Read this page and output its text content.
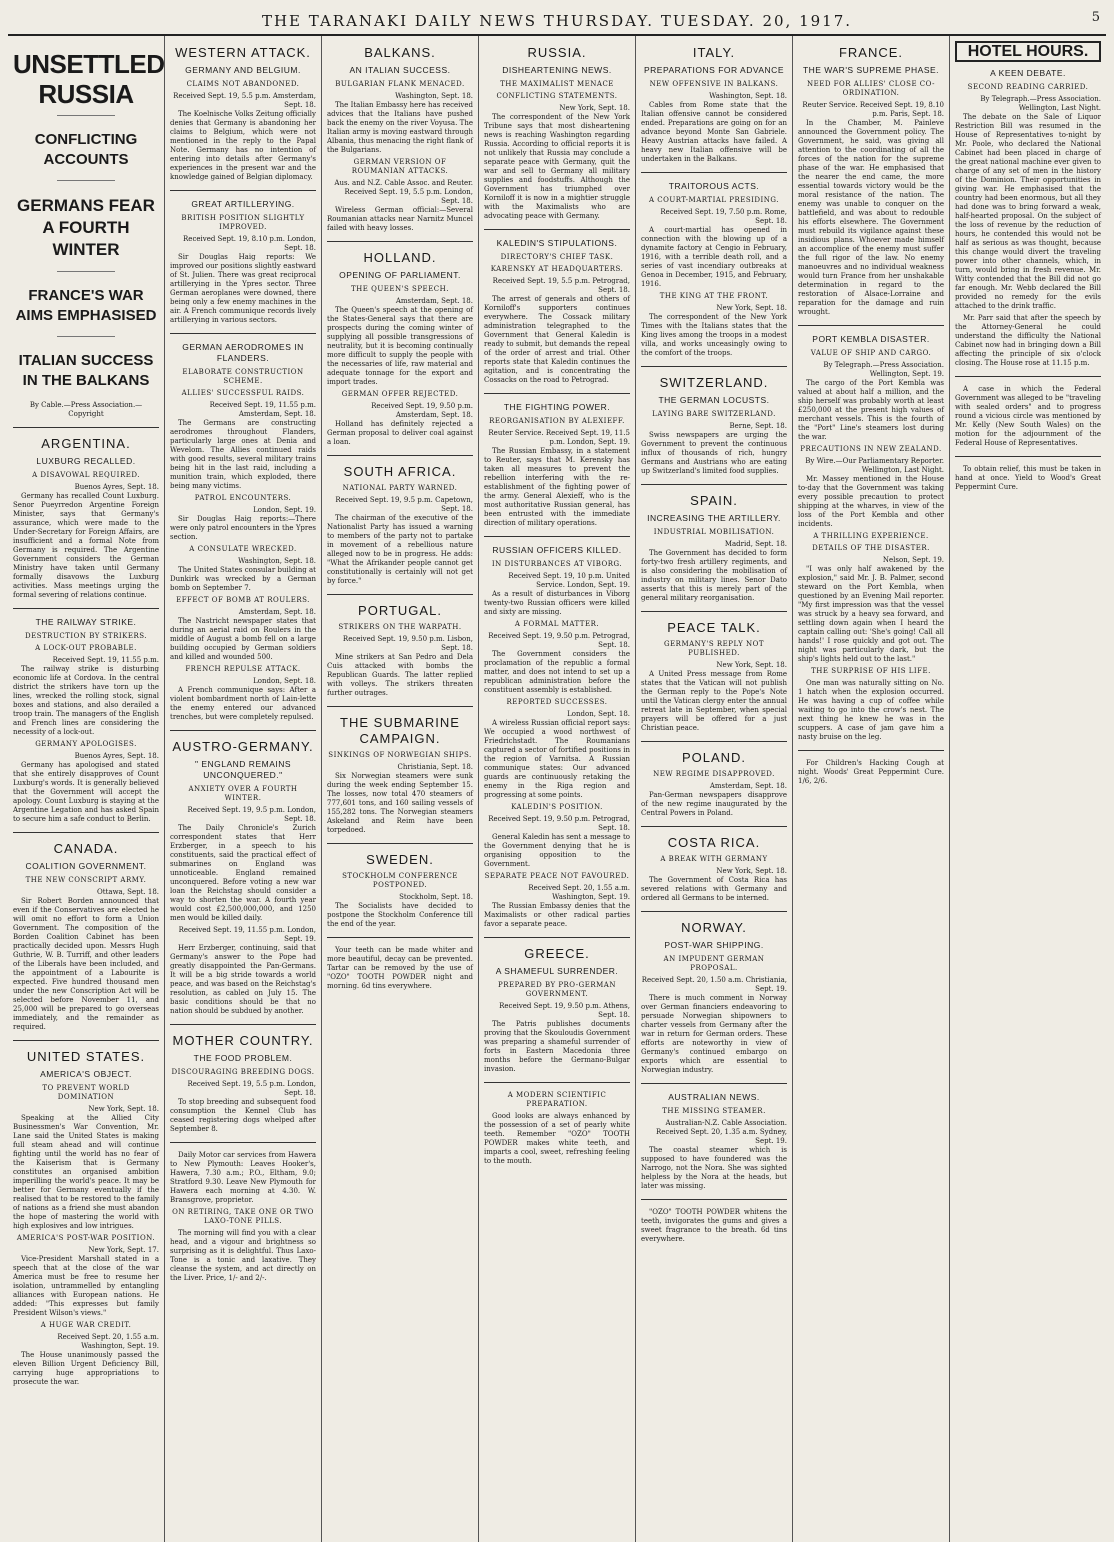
THE TARANAKI DAILY NEWS THURSDAY. TUESDAY. 20, 1917.	5
UNSETTLED RUSSIA
CONFLICTING ACCOUNTS
GERMANS FEAR A FOURTH WINTER
FRANCE'S WAR AIMS EMPHASISED
ITALIAN SUCCESS IN THE BALKANS
By Cable.—Press Association.—Copyright
ARGENTINA.
LUXBURG RECALLED.
A DISAVOWAL REQUIRED.
Buenos Ayres, Sept. 18.

Germany has recalled Count Luxburg. Senor Pueyrredon Argentine Foreign Minister, says that Germany's assurance, which were made to the Under-Secretary for Foreign Affairs, are insufficient and a formal Note from Germany is required. The Argentine Government considers the German Ministry have taken until Germany formally disavows the Luxburg activities. Mass meetings urging the formal severing of relations continue.

THE RAILWAY STRIKE.
DESTRUCTION BY STRIKERS.
A LOCK-OUT PROBABLE.
Received Sept. 19, 11.55 p.m.

The railway strike is disturbing economic life at Cordova. In the central district the strikers have torn up the lines, wrecked the rolling stock, signal boxes and stations, and also derailed a troop train. The managers of the English and French lines are considering the necessity of a lock-out.

GERMANY APOLOGISES.
Buenos Ayres, Sept. 18.

Germany has apologised and stated that she entirely disapproves of Count Luxburg's words. It is generally believed that the Government will accept the apology. Count Luxburg is staying at the Argentine Legation and has asked Spain to secure him a safe conduct to Berlin.

CANADA.
COALITION GOVERNMENT.
THE NEW CONSCRIPT ARMY.
Ottawa, Sept. 18.

Sir Robert Borden announced that even if the Conservatives are elected he will omit no effort to form a Union Government. The composition of the Borden Coalition Cabinet has been practically decided upon. Messrs Hugh Guthrie, W. B. Turriff, and other leaders of the Liberals have been included, and the appointment of a Labourite is expected. Five hundred thousand men under the new Conscription Act will be selected before November 11, and 25,000 will be prepared to go overseas immediately, and the remainder as required.

UNITED STATES.
AMERICA'S OBJECT.
TO PREVENT WORLD DOMINATION
New York, Sept. 18.

Speaking at the Allied City Businessmen's War Convention, Mr. Lane said the United States is making full steam ahead and will continue fighting until the world has no fear of the Kaiserism that is Germany constitutes an organised ambition imperilling the world's peace. It may be better for Germany eventually if the realised that to be restored to the family of nations as a friend she must abandon the hope of mastering the world with high explosives and low intrigues.

AMERICA'S POST-WAR POSITION.
New York, Sept. 17.

Vice-President Marshall stated in a speech that at the close of the war America must be free to resume her isolation, untrammelled by entangling alliances with European nations. He added: "This expresses but family President Wilson's views."

A HUGE WAR CREDIT.
Received Sept. 20, 1.55 a.m. Washington, Sept. 19.

The House unanimously passed the eleven Billion Urgent Deficiency Bill, carrying huge appropriations to prosecute the war.

WESTERN ATTACK.
GERMANY AND BELGIUM.
CLAIMS NOT ABANDONED.
Received Sept. 19, 5.5 p.m. Amsterdam, Sept. 18.

The Koelnische Volks Zeitung officially denies that Germany is abandoning her claims to Belgium, which were not mentioned in the reply to the Papal Note. Germany has no intention of entering into details after Germany's experiences in the present war and the knowledge gained of Belgian diplomacy.

GREAT ARTILLERYING.
BRITISH POSITION SLIGHTLY IMPROVED.
Received Sept. 19, 8.10 p.m. London, Sept. 18.

Sir Douglas Haig reports: We improved our positions slightly eastward of St. Julien. There was great reciprocal artillerying in the Ypres sector. Three German aeroplanes were downed, there being only a few enemy machines in the air. A French communique records lively artillerying in various sectors.

GERMAN AERODROMES IN FLANDERS.
ELABORATE CONSTRUCTION SCHEME.
ALLIES' SUCCESSFUL RAIDS.
Received Sept. 19, 11.55 p.m. Amsterdam, Sept. 18.

The Germans are constructing aerodromes throughout Flanders, particularly large ones at Denia and Wevelom. The Allies continued raids with good results, several military trains being hit in the last raid, including a munition train, which exploded, there being many victims.

PATROL ENCOUNTERS.
London, Sept. 19.

Sir Douglas Haig reports:—There were only patrol encounters in the Ypres section.

A CONSULATE WRECKED.
Washington, Sept. 18.

The United States consular building at Dunkirk was wrecked by a German bomb on September 7.

EFFECT OF BOMB AT ROULERS.
Amsterdam, Sept. 18.

The Nastricht newspaper states that during an aerial raid on Roulers in the middle of August a bomb fell on a large building occupied by German soldiers and killed and wounded 500.

FRENCH REPULSE ATTACK.
London, Sept. 18.

A French communique says: After a violent bombardment north of Lain-lette the enemy entered our advanced trenches, but were completely repulsed.

AUSTRO-GERMANY.
" ENGLAND REMAINS UNCONQUERED."
ANXIETY OVER A FOURTH WINTER.
Received Sept. 19, 9.5 p.m. London, Sept. 18.

The Daily Chronicle's Zurich correspondent states that Herr Erzberger, in a speech to his constituents, said the practical effect of submarines on England was unnoticeable. England remained unconquered. Before voting a new war loan the Reichstag should consider a way to shorten the war. A fourth year would cost £2,500,000,000, and 1250 men would be killed daily.

Received Sept. 19, 11.55 p.m. London, Sept. 19.

Herr Erzberger, continuing, said that Germany's answer to the Pope had greatly disappointed the Pan-Germans. It will be a big stride towards a world peace, and was based on the Reichstag's resolution, as cabled on July 15. The basic conditions should be that no nation should be subdued by another.

MOTHER COUNTRY.
THE FOOD PROBLEM.
DISCOURAGING BREEDING DOGS.
Received Sept. 19, 5.5 p.m. London, Sept. 18.

To stop breeding and subsequent food consumption the Kennel Club has ceased registering dogs whelped after September 8.

Daily Motor car services from Hawera to New Plymouth: Leaves Hooker's, Hawera, 7.30 a.m.; P.O., Eltham, 9.0; Stratford 9.30. Leave New Plymouth for Hawera each morning at 4.30. W. Bransgrove, proprietor.

ON RETIRING, TAKE ONE OR TWO LAXO-TONE PILLS.

The morning will find you with a clear head, and a vigour and brightness so surprising as it is delightful. Thus Laxo-Tone is a tonic and laxative. They cleanse the system, and act directly on the Liver. Price, 1/- and 2/-.

BALKANS.
AN ITALIAN SUCCESS.
BULGARIAN FLANK MENACED.
Washington, Sept. 18.

The Italian Embassy here has received advices that the Italians have pushed back the enemy on the river Voyusa. The Italian army is moving eastward through Albania, thus menacing the right flank of the Bulgarians.

GERMAN VERSION OF ROUMANIAN ATTACKS.
Aus. and N.Z. Cable Assoc. and Reuter. Received Sept. 19, 5.5 p.m. London, Sept. 18.

Wireless German official:—Several Roumanian attacks near Narnitz Muncel failed with heavy losses.

HOLLAND.
OPENING OF PARLIAMENT.
THE QUEEN'S SPEECH.
Amsterdam, Sept. 18.

The Queen's speech at the opening of the States-General says that there are prospects during the coming winter of supplying all possible transgressions of neutrality, but it is becoming continually more difficult to supply the people with the necessaries of life, raw material and adequate tonnage for the export and import trades.

GERMAN OFFER REJECTED.
Received Sept. 19, 9.50 p.m. Amsterdam, Sept. 18.

Holland has definitely rejected a German proposal to deliver coal against a loan.

SOUTH AFRICA.
NATIONAL PARTY WARNED.
Received Sept. 19, 9.5 p.m. Capetown, Sept. 18.

The chairman of the executive of the Nationalist Party has issued a warning to members of the party not to partake in movement of a rebellious nature alleged now to be in progress. He adds: "What the Afrikander people cannot get constitutionally is certainly will not get by force."

PORTUGAL.
STRIKERS ON THE WARPATH.
Received Sept. 19, 9.50 p.m. Lisbon, Sept. 18.

Mine strikers at San Pedro and Dela Cuis attacked with bombs the Republican Guards. The latter replied with volleys. The strikers threaten further outrages.

THE SUBMARINE CAMPAIGN.
SINKINGS OF NORWEGIAN SHIPS.
Christiania, Sept. 18.

Six Norwegian steamers were sunk during the week ending September 15. The losses, now total 470 steamers of 777,601 tons, and 160 sailing vessels of 155,282 tons. The Norwegian steamers Askeland and Reim have been torpedoed.

SWEDEN.
STOCKHOLM CONFERENCE POSTPONED.
Stockholm, Sept. 18.

The Socialists have decided to postpone the Stockholm Conference till the end of the year.

Your teeth can be made whiter and more beautiful, decay can be prevented. Tartar can be removed by the use of "OZO" TOOTH POWDER night and morning. 6d tins everywhere.

RUSSIA.
DISHEARTENING NEWS.
THE MAXIMALIST MENACE
CONFLICTING STATEMENTS.
New York, Sept. 18.

The correspondent of the New York Tribune says that most disheartening news is reaching Washington regarding Russia. According to official reports it is not unlikely that Russia may conclude a separate peace with Germany, quit the war and sell to Germany all military supplies and foodstuffs. Although the Government has triumphed over Korniloff it is now in a mightier struggle with the Maximalists who are advocating peace with Germany.

KALEDIN'S STIPULATIONS.
DIRECTORY'S CHIEF TASK.
KARENSKY AT HEADQUARTERS.
Received Sept. 19, 5.5 p.m. Petrograd, Sept. 18.

The arrest of generals and others of Korniloff's supporters continues everywhere. The Cossack military administration telegraphed to the Government that General Kaledin is ready to submit, but demands the repeal of the order of arrest and trial. Other reports state that Kaledin continues the agitation, and is concentrating the Cossacks on the road to Petrograd.

THE FIGHTING POWER.
REORGANISATION BY ALEXIEFF.
Reuter Service. Received Sept. 19, 11.5 p.m. London, Sept. 19.

The Russian Embassy, in a statement to Reuter, says that M. Kerensky has taken all measures to prevent the rebellion interfering with the re-establishment of the fighting power of the army. General Alexieff, who is the most authoritative Russian general, has been entrusted with the immediate direction of military operations.

RUSSIAN OFFICERS KILLED.
IN DISTURBANCES AT VIBORG.
Received Sept. 19, 10 p.m. United Service. London, Sept. 19.

As a result of disturbances in Viborg twenty-two Russian officers were killed and sixty are missing.

A FORMAL MATTER.
Received Sept. 19, 9.50 p.m. Petrograd, Sept. 18.

The Government considers the proclamation of the republic a formal matter, and does not intend to set up a republican administration before the constituent assembly is established.

REPORTED SUCCESSES.
London, Sept. 18.

A wireless Russian official report says: We occupied a wood northwest of Friedrichstadt. The Roumanians captured a sector of fortified positions in the region of Varnitsa. A Russian communique states: Our advanced guards are continuously retaking the enemy in the Riga region and progressing at some points.

KALEDIN'S POSITION.
Received Sept. 19, 9.50 p.m. Petrograd, Sept. 18.

General Kaledin has sent a message to the Government denying that he is organising opposition to the Government.

SEPARATE PEACE NOT FAVOURED.
Received Sept. 20, 1.55 a.m. Washington, Sept. 19.

The Russian Embassy denies that the Maximalists or other radical parties favor a separate peace.

GREECE.
A SHAMEFUL SURRENDER.
PREPARED BY PRO-GERMAN GOVERNMENT.
Received Sept. 19, 9.50 p.m. Athens, Sept. 18.

The Patris publishes documents proving that the Skouloudis Government was preparing a shameful surrender of forts in Eastern Macedonia three months before the Germano-Bulgar invasion.

A MODERN SCIENTIFIC PREPARATION.

Good looks are always enhanced by the possession of a set of pearly white teeth. Remember "OZO" TOOTH POWDER makes white teeth, and imparts a cool, sweet, refreshing feeling to the mouth.

ITALY.
PREPARATIONS FOR ADVANCE
NEW OFFENSIVE IN BALKANS.
Washington, Sept. 18.

Cables from Rome state that the Italian offensive cannot be considered ended. Preparations are going on for an advance beyond Monte San Gabriele. Heavy Austrian attacks have failed. A heavy new Italian offensive will be undertaken in the Balkans.

TRAITOROUS ACTS.
A COURT-MARTIAL PRESIDING.
Received Sept. 19, 7.50 p.m. Rome, Sept. 18.

A court-martial has opened in connection with the blowing up of a dynamite factory at Cengio in February, 1916, with a terrible death roll, and a series of vast incendiary outbreaks at Genoa in December, 1915, and February, 1916.

THE KING AT THE FRONT.
New York, Sept. 18.

The correspondent of the New York Times with the Italians states that the King lives among the troops in a modest villa, and works unceasingly owing to the comfort of the troops.

SWITZERLAND.
THE GERMAN LOCUSTS.
LAYING BARE SWITZERLAND.
Berne, Sept. 18.

Swiss newspapers are urging the Government to prevent the continuous influx of thousands of rich, hungry Germans and Austrians who are eating up Switzerland's limited food supplies.

SPAIN.
INCREASING THE ARTILLERY.
INDUSTRIAL MOBILISATION.
Madrid, Sept. 18.

The Government has decided to form forty-two fresh artillery regiments, and is also considering the mobilisation of industry on military lines. Senor Dato asserts that this is merely part of the general military reorganisation.

PEACE TALK.
GERMANY'S REPLY NOT PUBLISHED.
New York, Sept. 18.

A United Press message from Rome states that the Vatican will not publish the German reply to the Pope's Note until the Vatican clergy enter the annual retreat late in September, when special prayers will be offered for a just Christian peace.

POLAND.
NEW REGIME DISAPPROVED.
Amsterdam, Sept. 18.

Pan-German newspapers disapprove of the new regime inaugurated by the Central Powers in Poland.

COSTA RICA.
A BREAK WITH GERMANY
New York, Sept. 18.

The Government of Costa Rica has severed relations with Germany and ordered all Germans to be interned.

NORWAY.
POST-WAR SHIPPING.
AN IMPUDENT GERMAN PROPOSAL.
Received Sept. 20, 1.50 a.m. Christiania, Sept. 19.

There is much comment in Norway over German financiers endeavoring to persuade Norwegian shipowners to charter vessels from Germany after the war in return for German orders. These efforts are noteworthy in view of Germany's continued embargo on exports which are essential to Norwegian industry.

AUSTRALIAN NEWS.
THE MISSING STEAMER.
Australian-N.Z. Cable Association. Received Sept. 20, 1.35 a.m. Sydney, Sept. 19.

The coastal steamer which is supposed to have foundered was the Narrogo, not the Nora. She was sighted helpless by the Nora at the heads, but later was missing.

"OZO" TOOTH POWDER whitens the teeth, invigorates the gums and gives a sweet fragrance to the breath. 6d tins everywhere.

FRANCE.
THE WAR'S SUPREME PHASE.
NEED FOR ALLIES' CLOSE CO-ORDINATION.
Reuter Service. Received Sept. 19, 8.10 p.m. Paris, Sept. 18.

In the Chamber, M. Painleve announced the Government policy. The Government, he said, was giving all attention to the coordinating of all the forces of the nation for the supreme phase of the war. He emphasised that the nearer the end came, the more essential towards victory would be the moral resistance of the nation. The enemy was unable to conquer on the battlefield, and was about to redouble his efforts elsewhere. The Government must rebuild its vigilance against these insidious plans. Whoever made himself an accomplice of the enemy must suffer the full rigor of the law. No enemy manoeuvres and no individual weakness would turn France from her unshakable determination in regard to the restoration of Alsace-Lorraine and reparation for the damage and ruin wrought.

PORT KEMBLA DISASTER.
VALUE OF SHIP AND CARGO.
By Telegraph.—Press Association. Wellington, Sept. 19.

The cargo of the Port Kembla was valued at about half a million, and the ship herself was probably worth at least £250,000 at the present high values of merchant vessels. This is the fourth of the "Port" Line's steamers lost during the war.

PRECAUTIONS IN NEW ZEALAND.
By Wire.—Our Parliamentary Reporter. Wellington, Last Night.

Mr. Massey mentioned in the House to-day that the Government was taking every possible precaution to protect shipping at the wharves, in view of the loss of the Port Kembla and other incidents.

A THRILLING EXPERIENCE.
DETAILS OF THE DISASTER.
Nelson, Sept. 19.

"I was only half awakened by the explosion," said Mr. J. B. Palmer, second steward on the Port Kembla, when questioned by an Evening Mail reporter. "My first impression was that the vessel was struck by a heavy sea forward, and settling down again when I heard the captain calling out: 'She's going! Call all hands!' I rose quickly and got out. The night was particularly dark, but the ship's lights held out to the last."

THE SURPRISE OF HIS LIFE.

One man was naturally sitting on No. 1 hatch when the explosion occurred. He was having a cup of coffee while waiting to go into the crow's nest. The next thing he knew he was in the scuppers. A case of jam gave him a nasty bruise on the leg.

For Children's Hacking Cough at night. Woods' Great Peppermint Cure. 1/6, 2/6.

HOTEL HOURS.
A KEEN DEBATE.
SECOND READING CARRIED.
By Telegraph.—Press Association. Wellington, Last Night.

The debate on the Sale of Liquor Restriction Bill was resumed in the House of Representatives to-night by Mr. Poole, who declared the National Cabinet had been placed in charge of the great national machine ever given to charge of any set of men in the history of the Dominion. Their opportunities in giving war. He emphasised that the country had been enormous, but all they had done was to bring forward a weak, half-hearted proposal. On the subject of the loss of revenue by the reduction of hours, he contended this would not be half as serious as was thought, because this change would divert the traveling power into other channels, which, in turn, would bring in fresh revenue. Mr. Witty contended that the Bill did not go far enough. Mr. Webb declared the Bill provided no remedy for the evils attached to the drink traffic.

Mr. Parr said that after the speech by the Attorney-General he could understand the difficulty the National Cabinet now had in bringing down a Bill affecting the principle of six o'clock closing. The House rose at 11.15 p.m.

A case in which the Federal Government was alleged to be "traveling with sealed orders" and to progress round a vicious circle was mentioned by Mr. Kelly (New South Wales) on the motion for the adjournment of the Federal House of Representatives.

To obtain relief, this must be taken in hand at once. Yield to Wood's Great Peppermint Cure.
